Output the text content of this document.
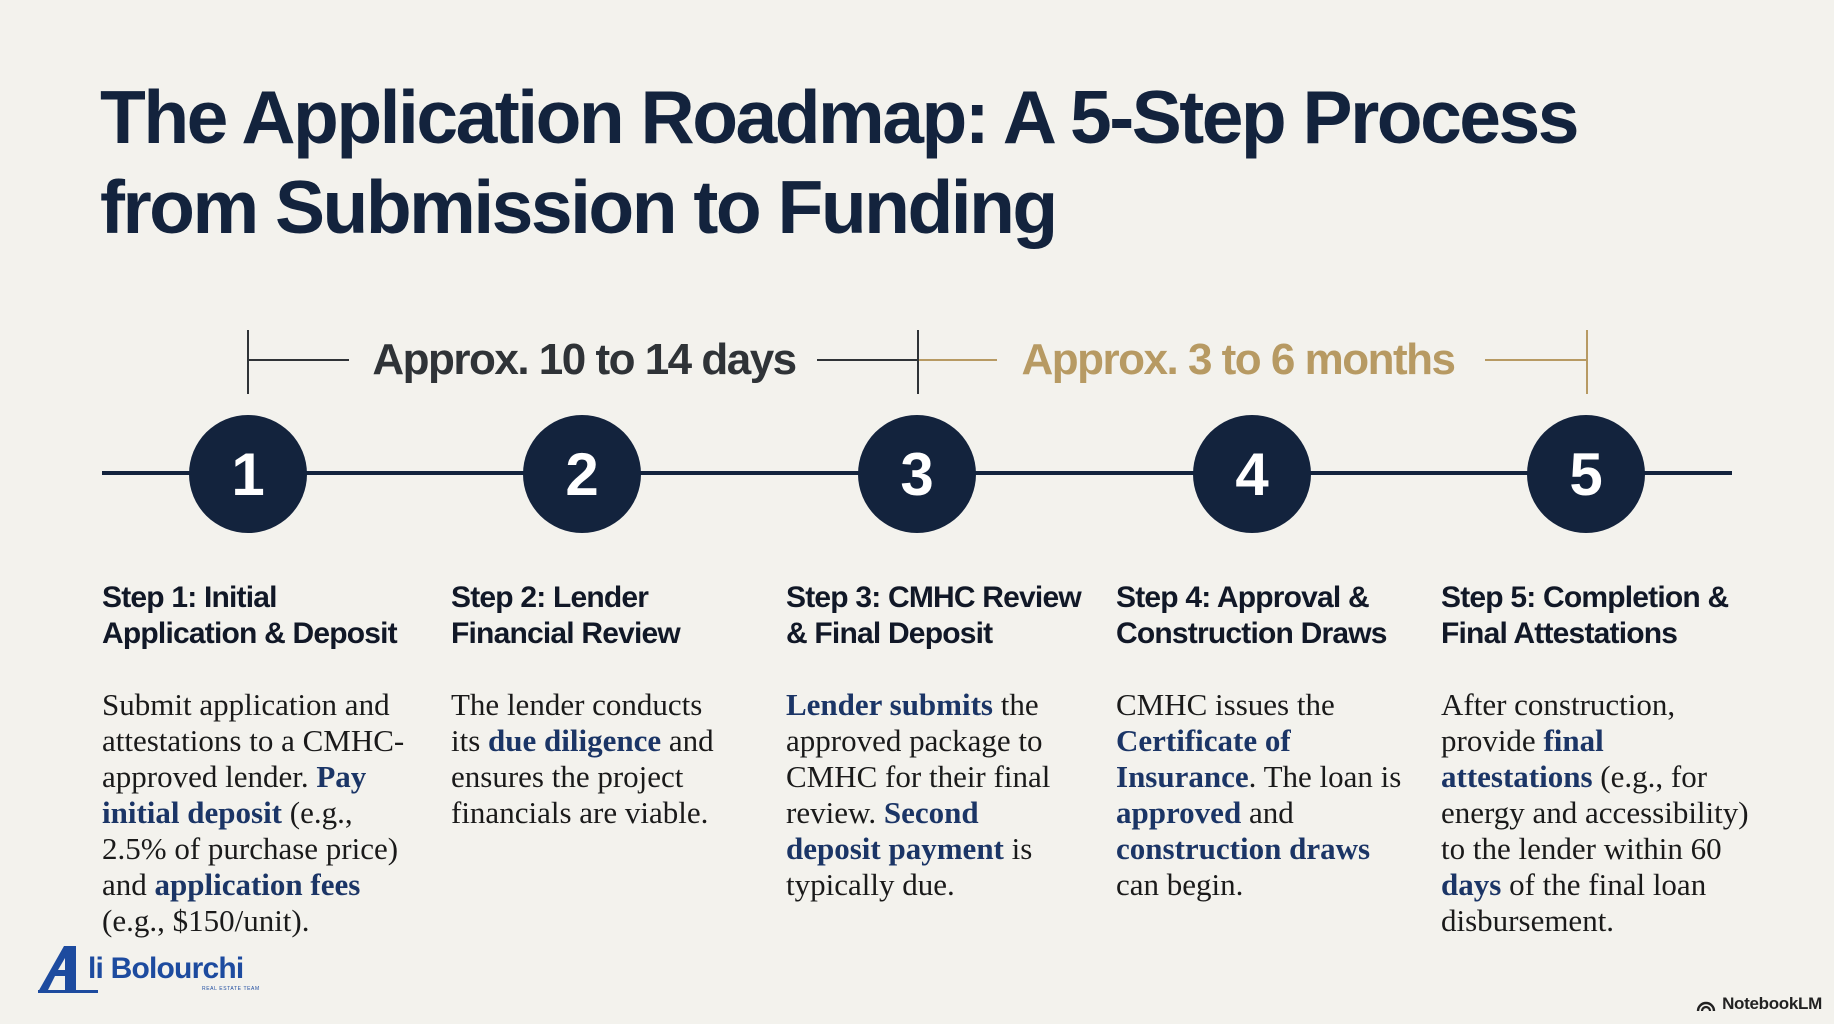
The Application Roadmap: A 5-Step Process
from Submission to Funding
Approx. 10 to 14 days	Approx. 3 to 6 months
1	2	3	4	5
Step 1: Initial
Application & Deposit
Submit application and
attestations to a CMHC-
approved lender. Pay
initial deposit (e.g.,
2.5% of purchase price)
and application fees
(e.g., $150/unit).
Step 2: Lender
Financial Review
The lender conducts
its due diligence and
ensures the project
financials are viable.
Step 3: CMHC Review
& Final Deposit
Lender submits the
approved package to
CMHC for their final
review. Second
deposit payment is
typically due.
Step 4: Approval &
Construction Draws
CMHC issues the
Certificate of
Insurance. The loan is
approved and
construction draws
can begin.
Step 5: Completion &
Final Attestations
After construction,
provide final
attestations (e.g., for
energy and accessibility)
to the lender within 60
days of the final loan
disbursement.
li Bolourchi
REAL ESTATE TEAM
NotebookLM
